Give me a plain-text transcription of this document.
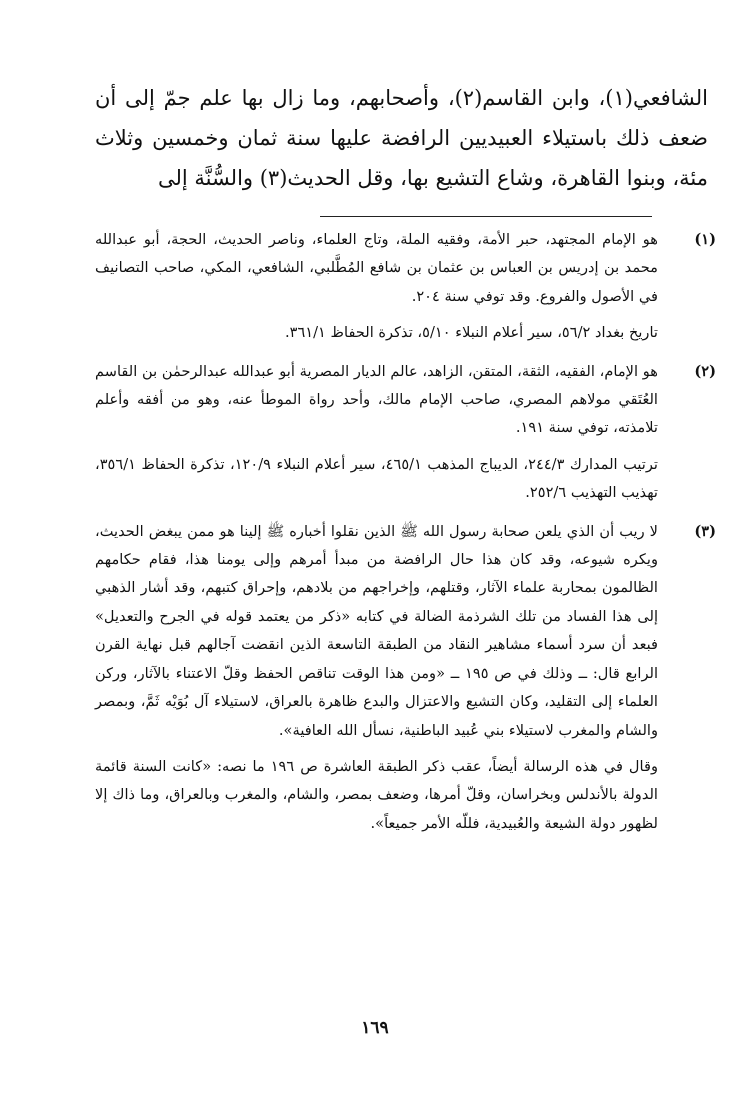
الشافعي(١)، وابن القاسم(٢)، وأصحابهم، وما زال بها علم جمّ إلى أن ضعف ذلك باستيلاء العبيديين الرافضة عليها سنة ثمان وخمسين وثلاث مئة، وبنوا القاهرة، وشاع التشيع بها، وقل الحديث(٣) والسُّنَّة إلى

(١)

هو الإمام المجتهد، حبر الأمة، وفقيه الملة، وتاج العلماء، وناصر الحديث، الحجة، أبو عبدالله محمد بن إدريس بن العباس بن عثمان بن شافع المُطَّلبي، الشافعي، المكي، صاحب التصانيف في الأصول والفروع. وقد توفي سنة ٢٠٤.

تاريخ بغداد ٥٦/٢، سير أعلام النبلاء ٥/١٠، تذكرة الحفاظ ٣٦١/١.

(٢)

هو الإمام، الفقيه، الثقة، المتقن، الزاهد، عالم الديار المصرية أبو عبدالله عبدالرحمٰن بن القاسم العُتَقي مولاهم المصري، صاحب الإمام مالك، وأحد رواة الموطأ عنه، وهو من أفقه وأعلم تلامذته، توفي سنة ١٩١.

ترتيب المدارك ٢٤٤/٣، الديباج المذهب ٤٦٥/١، سير أعلام النبلاء ١٢٠/٩، تذكرة الحفاظ ٣٥٦/١، تهذيب التهذيب ٢٥٢/٦.

(٣)

لا ريب أن الذي يلعن صحابة رسول الله ﷺ الذين نقلوا أخباره ﷺ إلينا هو ممن يبغض الحديث، ويكره شيوعه، وقد كان هذا حال الرافضة من مبدأ أمرهم وإلى يومنا هذا، فقام حكامهم الظالمون بمحاربة علماء الآثار، وقتلهم، وإخراجهم من بلادهم، وإحراق كتبهم، وقد أشار الذهبي إلى هذا الفساد من تلك الشرذمة الضالة في كتابه «ذكر من يعتمد قوله في الجرح والتعديل» فبعد أن سرد أسماء مشاهير النقاد من الطبقة التاسعة الذين انقضت آجالهم قبل نهاية القرن الرابع قال: ــ وذلك في ص ١٩٥ ــ «ومن هذا الوقت تناقص الحفظ وقلّ الاعتناء بالآثار، وركن العلماء إلى التقليد، وكان التشيع والاعتزال والبدع ظاهرة بالعراق، لاستيلاء آل بُوَيْه ثَمَّ، وبمصر والشام والمغرب لاستيلاء بني عُبيد الباطنية، نسأل الله العافية».

وقال في هذه الرسالة أيضاً، عقب ذكر الطبقة العاشرة ص ١٩٦ ما نصه: «كانت السنة قائمة الدولة بالأندلس وبخراسان، وقلّ أمرها، وضعف بمصر، والشام، والمغرب وبالعراق، وما ذاك إلا لظهور دولة الشيعة والعُبيدية، فللّه الأمر جميعاً».

١٦٩
